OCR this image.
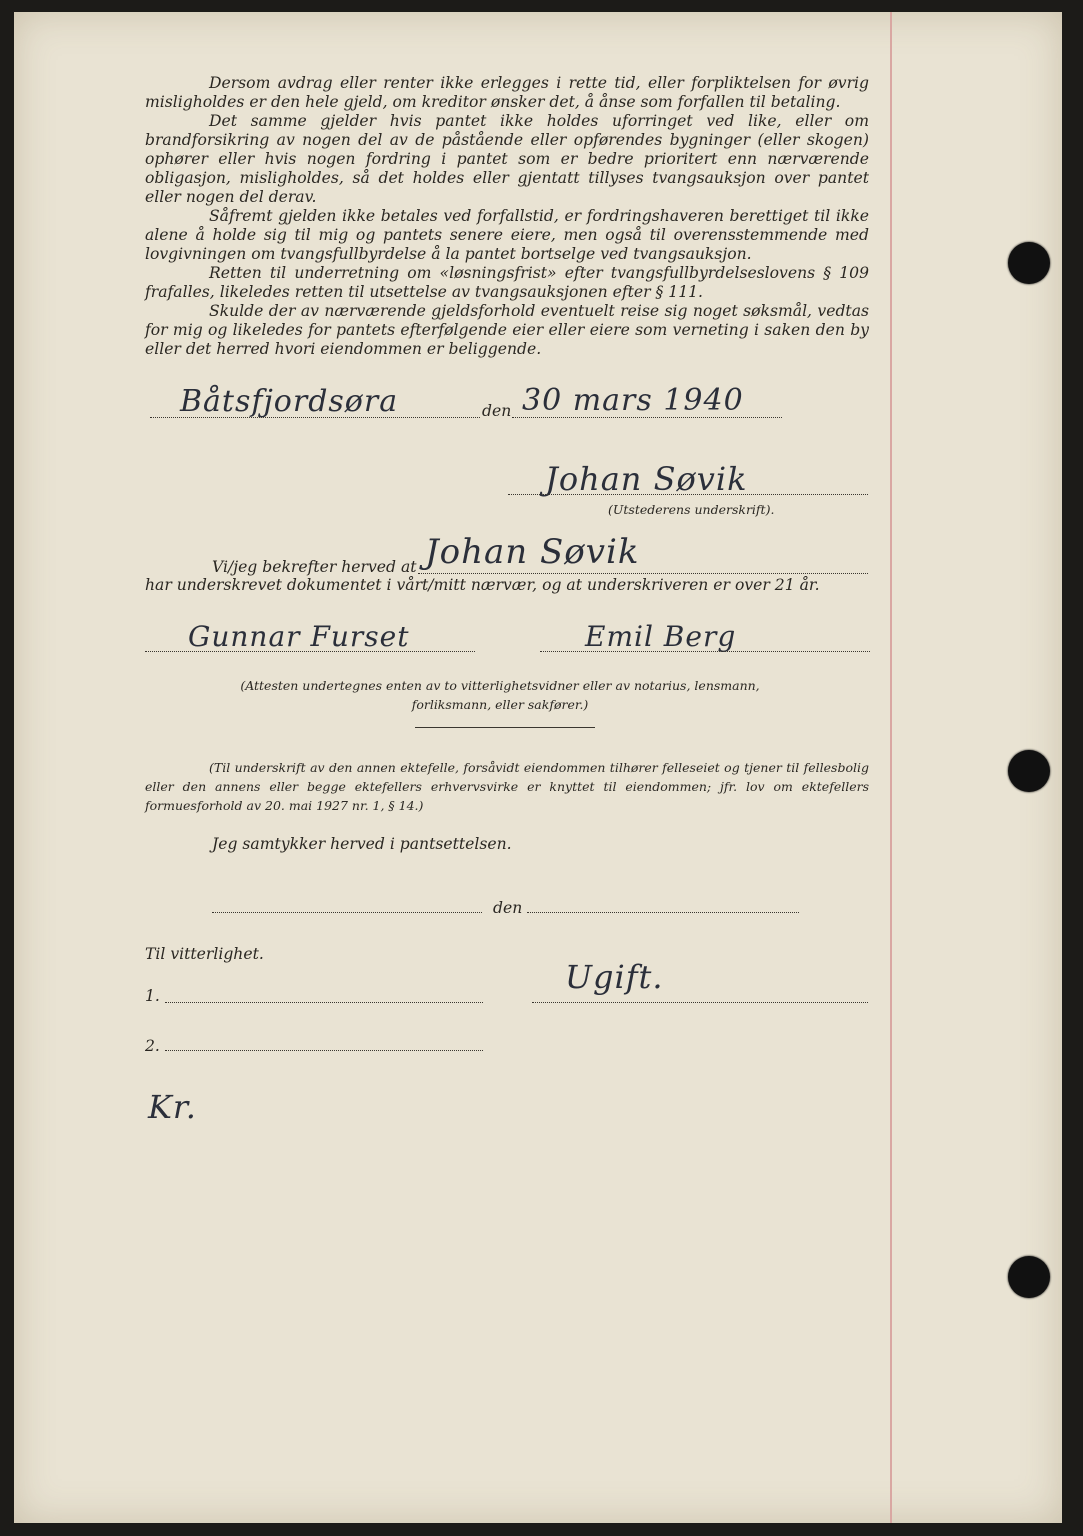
Dersom avdrag eller renter ikke erlegges i rette tid, eller forpliktelsen for øvrig misligholdes er den hele gjeld, om kreditor ønsker det, å ånse som forfallen til betaling.

Det samme gjelder hvis pantet ikke holdes uforringet ved like, eller om brandforsikring av nogen del av de påstående eller opførendes bygninger (eller skogen) ophører eller hvis nogen fordring i pantet som er bedre prioritert enn nærværende obligasjon, misligholdes, så det holdes eller gjentatt tillyses tvangsauksjon over pantet eller nogen del derav.

Såfremt gjelden ikke betales ved forfallstid, er fordringshaveren berettiget til ikke alene å holde sig til mig og pantets senere eiere, men også til overensstemmende med lovgivningen om tvangsfullbyrdelse å la pantet bortselge ved tvangsauksjon.

Retten til underretning om «løsningsfrist» efter tvangsfullbyrdelseslovens § 109 frafalles, likeledes retten til utsettelse av tvangsauksjonen efter § 111.

Skulde der av nærværende gjeldsforhold eventuelt reise sig noget søksmål, vedtas for mig og likeledes for pantets efterfølgende eier eller eiere som verneting i saken den by eller det herred hvori eiendommen er beliggende.

Båtsfjordsøra	den 30 mars 1940
Johan Søvik

(Utstederens underskrift).

Vi/jeg bekrefter herved at Johan Søvik
har underskrevet dokumentet i vårt/mitt nærvær, og at underskriveren er over 21 år.
Gunnar Furset	Emil Berg

(Attesten undertegnes enten av to vitterlighetsvidner eller av notarius, lensmann, forliksmann, eller sakfører.)

(Til underskrift av den annen ektefelle, forsåvidt eiendommen tilhører felleseiet og tjener til fellesbolig eller den annens eller begge ektefellers erhvervsvirke er knyttet til eiendommen; jfr. lov om ektefellers formuesforhold av 20. mai 1927 nr. 1, § 14.)

Jeg samtykker herved i pantsettelsen.
den
Til vitterlighet.
1.	Ugift.
2.
Kr.
